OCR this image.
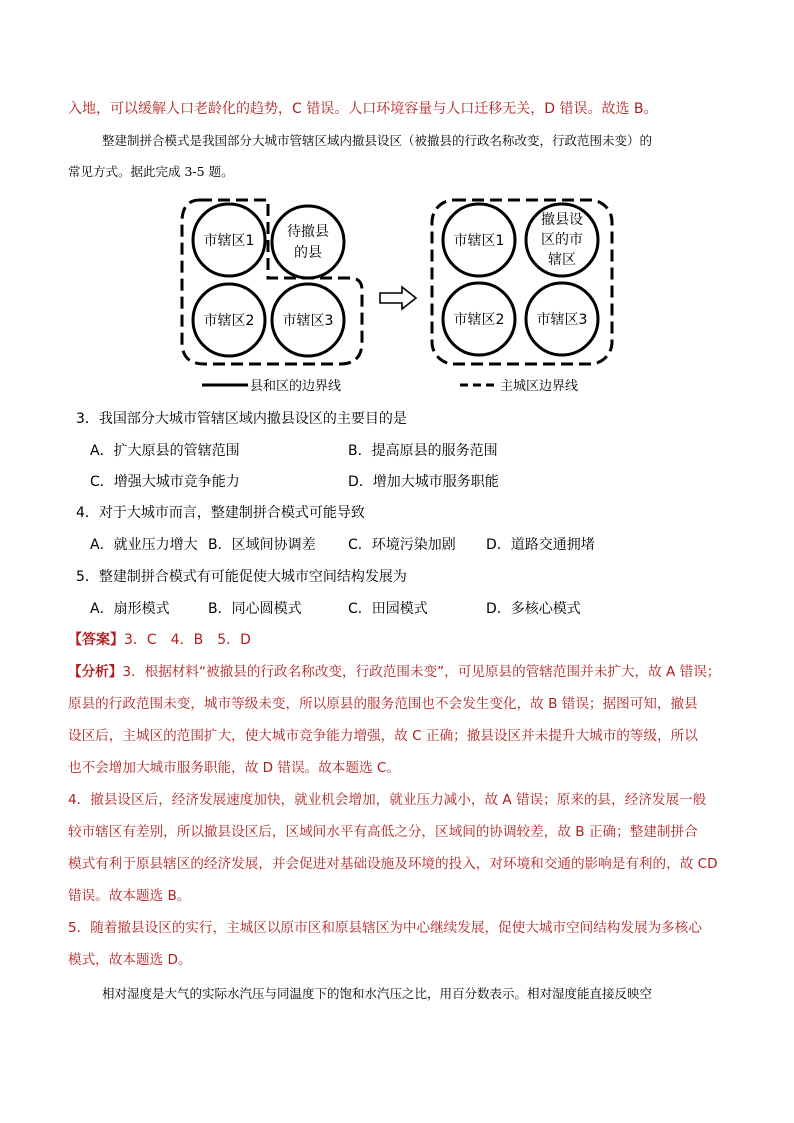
入地，可以缓解人口老龄化的趋势，C 错误。人口环境容量与人口迁移无关，D 错误。故选 B。
整建制拼合模式是我国部分大城市管辖区域内撤县设区（被撤县的行政名称改变，行政范围未变）的
常见方式。据此完成 3-5 题。
市辖区1
待撤县
的县
市辖区2 市辖区3
市辖区1
撤县设
区的市
辖区
市辖区2 市辖区3
县和区的边界线	主城区边界线
3．我国部分大城市管辖区域内撤县设区的主要目的是
A．扩大原县的管辖范围	B．提高原县的服务范围
C．增强大城市竞争能力	D．增加大城市服务职能
4．对于大城市而言，整建制拼合模式可能导致
A．就业压力增大 B．区域间协调差 C．环境污染加剧 D．道路交通拥堵
5．整建制拼合模式有可能促使大城市空间结构发展为
A．扇形模式	B．同心圆模式	C．田园模式	D．多核心模式
【答案】3．C　4．B　5．D
【分析】3．根据材料“被撤县的行政名称改变，行政范围未变”，可见原县的管辖范围并未扩大，故 A 错误；
原县的行政范围未变，城市等级未变，所以原县的服务范围也不会发生变化，故 B 错误；据图可知，撤县
设区后，主城区的范围扩大，使大城市竞争能力增强，故 C 正确；撤县设区并未提升大城市的等级，所以
也不会增加大城市服务职能，故 D 错误。故本题选 C。
4．撤县设区后，经济发展速度加快，就业机会增加，就业压力减小，故 A 错误；原来的县，经济发展一般
较市辖区有差别，所以撤县设区后，区域间水平有高低之分，区域间的协调较差，故 B 正确；整建制拼合
模式有利于原县辖区的经济发展，并会促进对基础设施及环境的投入，对环境和交通的影响是有利的，故 CD
错误。故本题选 B。
5．随着撤县设区的实行，主城区以原市区和原县辖区为中心继续发展，促使大城市空间结构发展为多核心
模式，故本题选 D。
相对湿度是大气的实际水汽压与同温度下的饱和水汽压之比，用百分数表示。相对湿度能直接反映空
